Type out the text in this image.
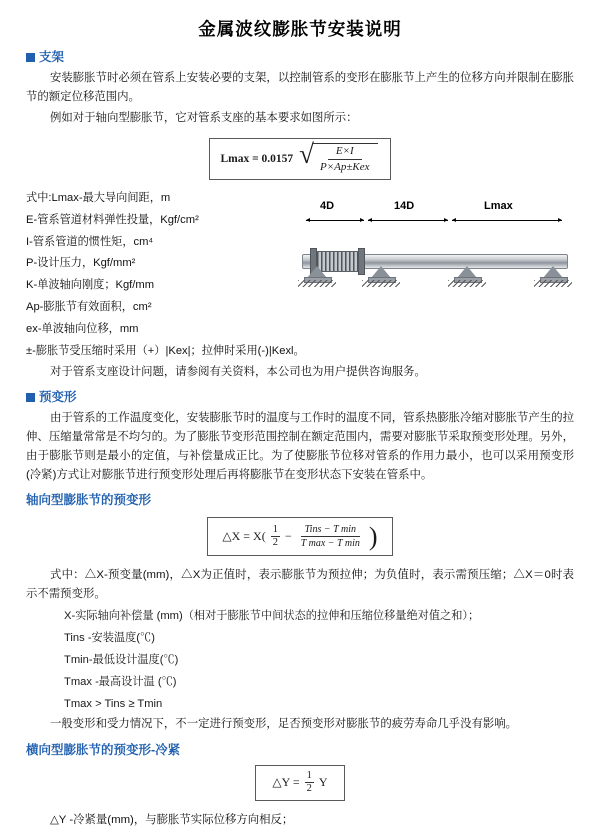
金属波纹膨胀节安装说明
支架

安装膨胀节时必须在管系上安装必要的支架，以控制管系的变形在膨胀节上产生的位移方向并限制在膨胀节的额定位移范围内。

例如对于轴向型膨胀节，它对管系支座的基本要求如图所示：

Lmax = 0.0157 √
$\frac{E\times I}{\text{P×Ap±Kex}}$
式中:Lmax-最大导向间距，m
E-管系管道材料弹性投量，Kgf/cm²
I-管系管道的惯性矩，cm⁴
P-设计压力，Kgf/mm²
K-单波轴向刚度；Kgf/mm
Ap-膨胀节有效面积，cm²
ex-单波轴向位移，mm
±-膨胀节受压缩时采用（+）|Kex|；拉伸时采用(-)|Kexl。
4D	14D	Lmax

对于管系支座设计问题，请参阅有关资料，本公司也为用户提供咨询服务。

预变形

由于管系的工作温度变化，安装膨胀节时的温度与工作时的温度不同，管系热膨胀冷缩对膨胀节产生的拉伸、压缩量常常是不均匀的。为了膨胀节变形范围控制在额定范围内，需要对膨胀节采取预变形处理。另外，由于膨胀节则是最小的定值，与补偿量成正比。为了使膨胀节位移对管系的作用力最小，也可以采用预变形(冷紧)方式让对膨胀节进行预变形处理后再将膨胀节在变形状态下安装在管系中。

轴向型膨胀节的预变形
△X = $X( \frac{1}{2}$ −	Tins − T min
T max − T min )

式中：△X-预变量(mm)，△X为正值时，表示膨胀节为预拉伸；为负值时，表示需预压缩；△X＝0时表示不需预变形。

X-实际轴向补偿量 (mm)（相对于膨胀节中间状态的拉伸和压缩位移量绝对值之和）；
Tins -安装温度(℃)
Tmin-最低设计温度(℃)
Tmax -最高设计温 (℃)
Tmax > Tins ≥ Tmin

一般变形和受力情况下，不一定进行预变形，足否预变形对膨胀节的疲劳寿命几乎没有影响。

横向型膨胀节的预变形-冷紧
△Y = $\frac{1}{2}$ Y

△Y -冷紧量(mm)，与膨胀节实际位移方向相反；
